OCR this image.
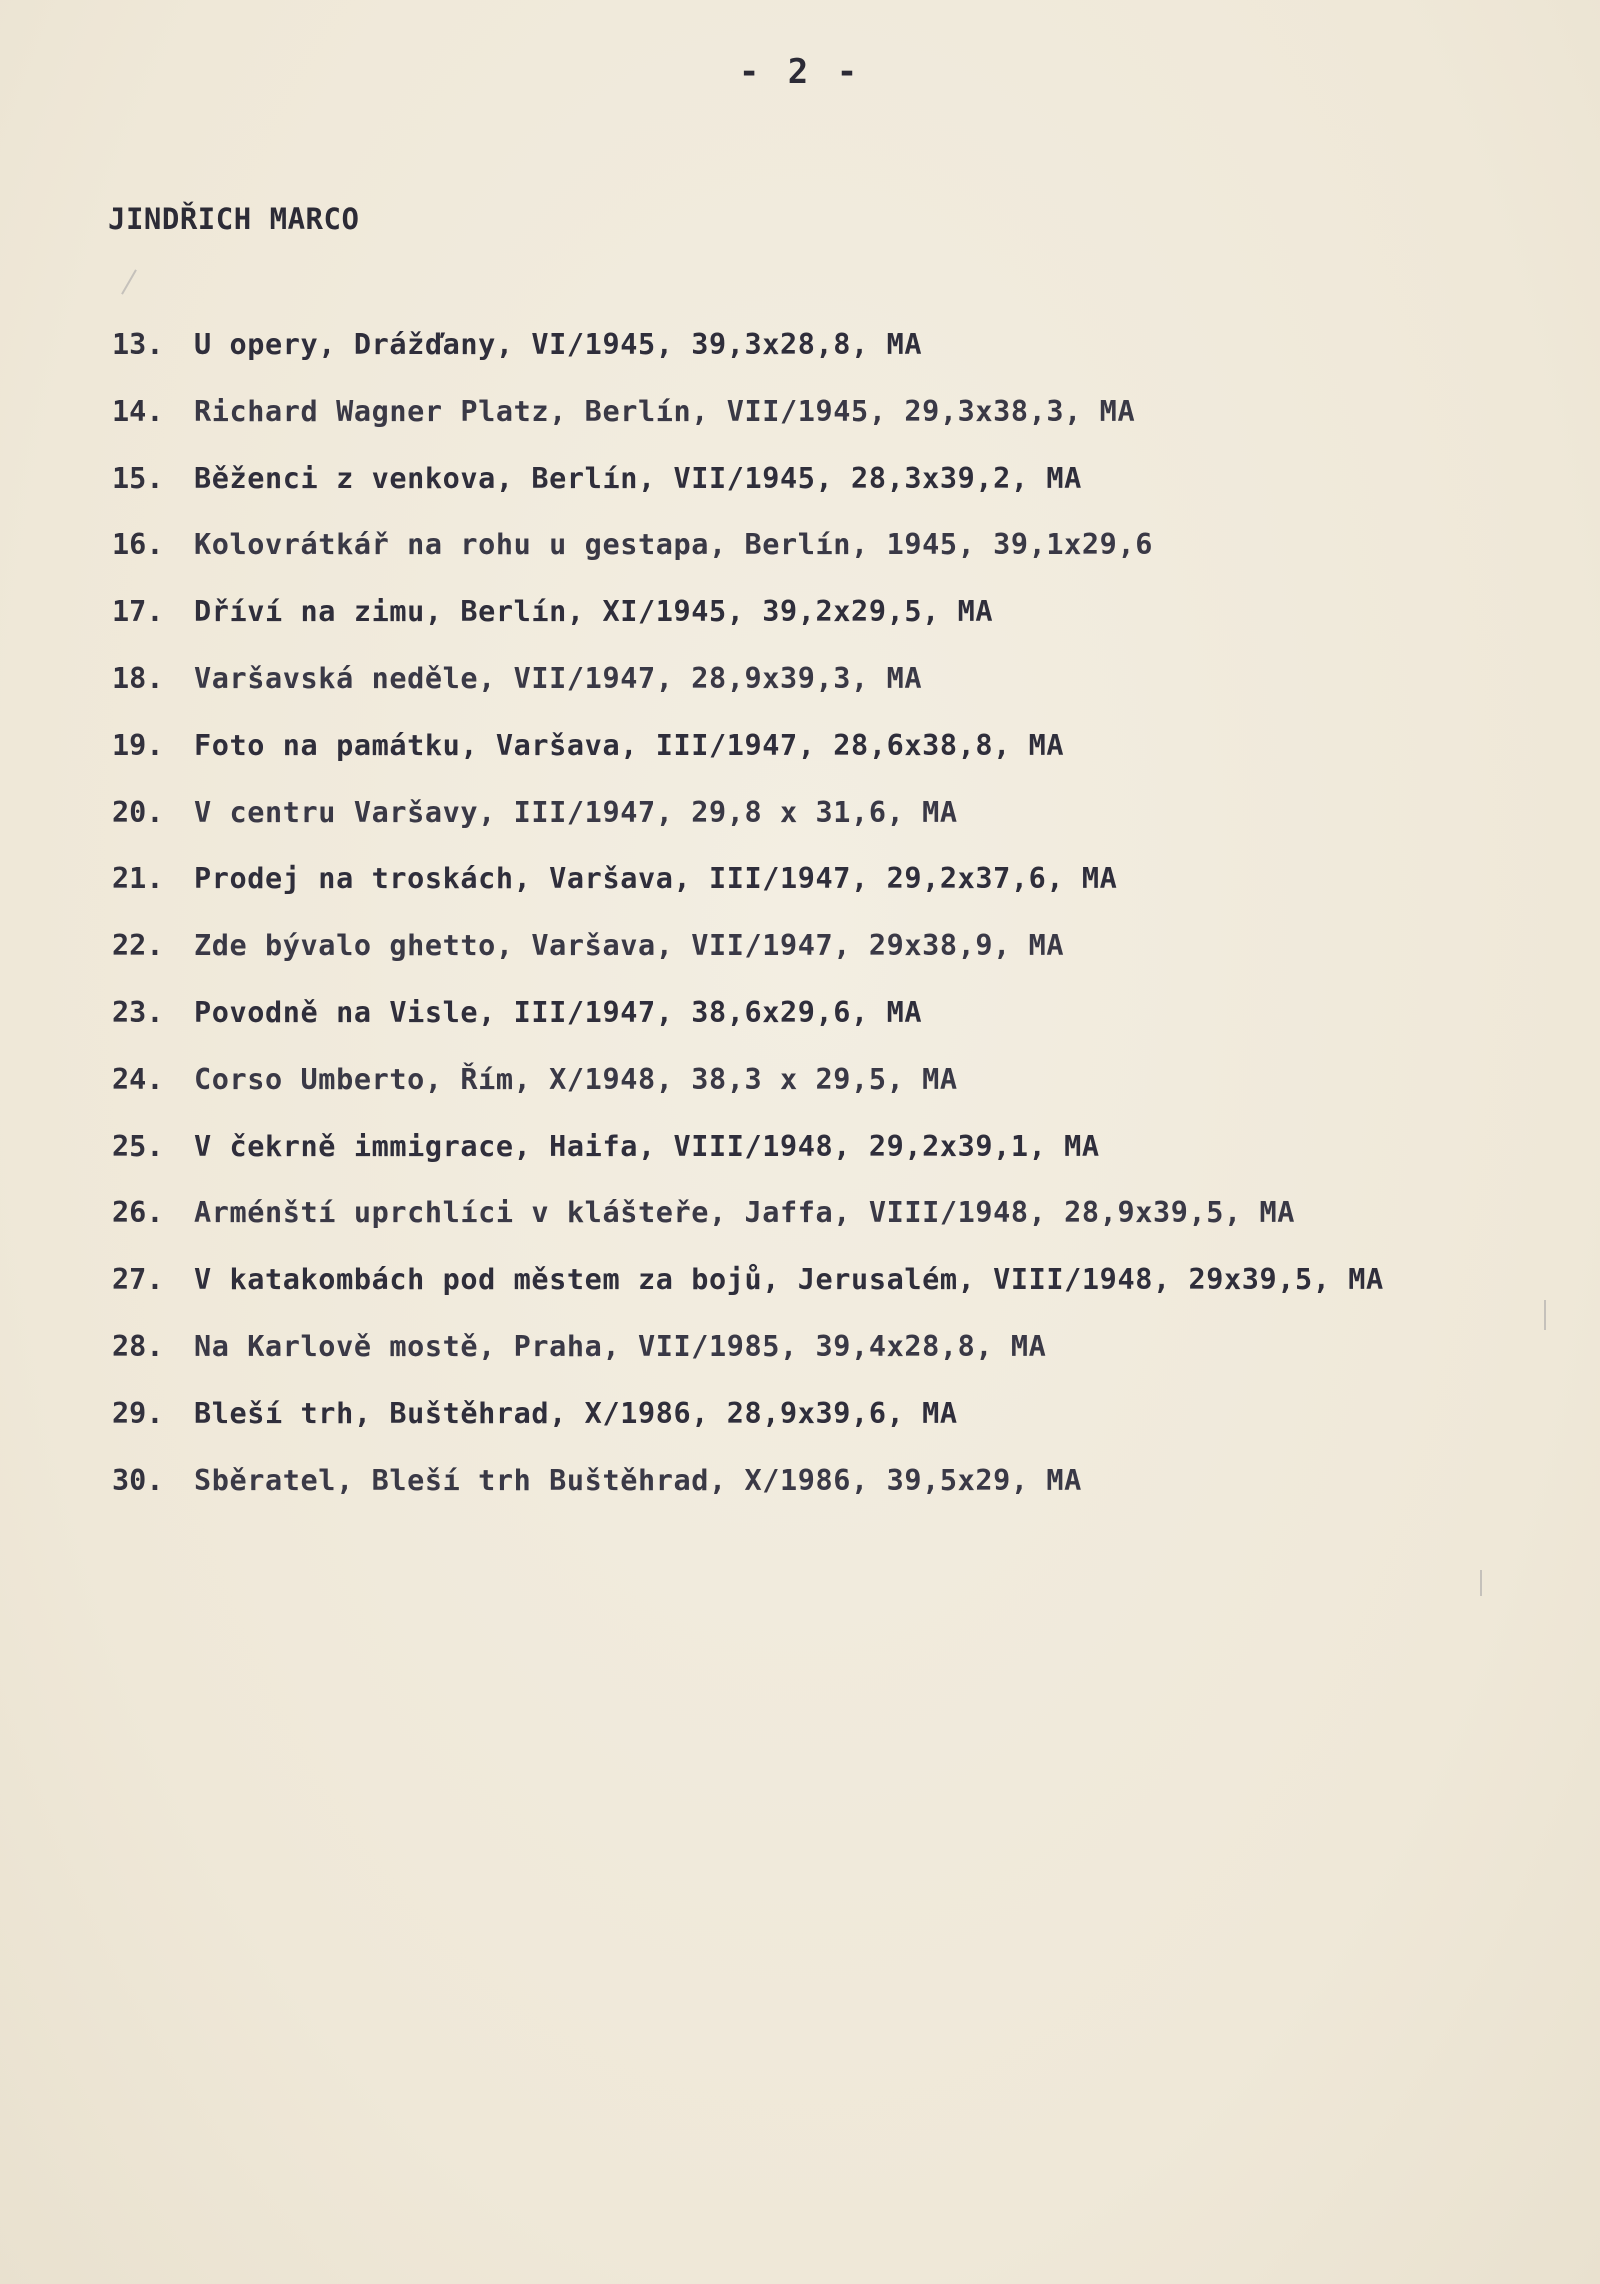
- 2 -
JINDŘICH MARCO
13.	U opery, Drážďany, VI/1945, 39,3x28,8, MA
14.	Richard Wagner Platz, Berlín, VII/1945, 29,3x38,3, MA
15.	Běženci z venkova, Berlín, VII/1945, 28,3x39,2, MA
16.	Kolovrátkář na rohu u gestapa, Berlín, 1945, 39,1x29,6
17.	Dříví na zimu, Berlín, XI/1945, 39,2x29,5, MA
18.	Varšavská neděle, VII/1947, 28,9x39,3, MA
19.	Foto na památku, Varšava, III/1947, 28,6x38,8, MA
20.	V centru Varšavy, III/1947, 29,8 x 31,6, MA
21.	Prodej na troskách, Varšava, III/1947, 29,2x37,6, MA
22.	Zde bývalo ghetto, Varšava, VII/1947, 29x38,9, MA
23.	Povodně na Visle, III/1947, 38,6x29,6, MA
24.	Corso Umberto, Řím, X/1948, 38,3 x 29,5, MA
25.	V čekrně immigrace, Haifa, VIII/1948, 29,2x39,1, MA
26.	Arménští uprchlíci v klášteře, Jaffa, VIII/1948, 28,9x39,5, MA
27.	V katakombách pod městem za bojů, Jerusalém, VIII/1948, 29x39,5, MA
28.	Na Karlově mostě, Praha, VII/1985, 39,4x28,8, MA
29.	Bleší trh, Buštěhrad, X/1986, 28,9x39,6, MA
30.	Sběratel, Bleší trh Buštěhrad, X/1986, 39,5x29, MA
